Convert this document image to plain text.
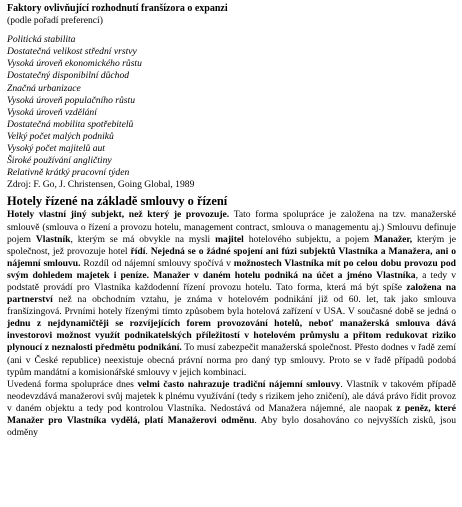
Faktory ovlivňující rozhodnutí franšízora o expanzi
(podle pořadí preferencí)
Politická stabilita
Dostatečná velikost střední vrstvy
Vysoká úroveň ekonomického růstu
Dostatečný disponibilní důchod
Značná urbanizace
Vysoká úroveň populačního růstu
Vysoká úroveň vzdělání
Dostatečná mobilita spotřebitelů
Velký počet malých podniků
Vysoký počet majitelů aut
Široké používání angličtiny
Relativně krátký pracovní týden
Zdroj: F. Go, J. Christensen, Going Global, 1989
Hotely řízené na základě smlouvy o řízení
Hotely vlastní jiný subjekt, než který je provozuje. Tato forma spolupráce je založena na tzv. manažerské smlouvě (smlouva o řízení a provozu hotelu, management contract, smlouva o managementu aj.) Smlouvu definuje pojem Vlastník, kterým se má obvykle na mysli majitel hotelového subjektu, a pojem Manažer, kterým je společnost, jež provozuje hotel řídí. Nejedná se o žádné spojení ani fúzi subjektů Vlastníka a Manažera, ani o nájemní smlouvu. Rozdíl od nájemní smlouvy spočívá v možnostech Vlastníka mít po celou dobu provozu pod svým dohledem majetek i peníze. Manažer v daném hotelu podniká na účet a jméno Vlastníka, a tedy v podstatě provádí pro Vlastníka každodenní řízení provozu hotelu. Tato forma, která má být spíše založena na partnerství než na obchodním vztahu, je známa v hotelovém podnikání již od 60. let, tak jako smlouva franšízingová. Prvními hotely řízenými tímto způsobem byla hotelová zařízení v USA. V současné době se jedná o jednu z nejdynamičtěji se rozvíjejících forem provozování hotelů, neboť manažerská smlouva dává investorovi možnost využít podnikatelských příležitostí v hotelovém průmyslu a přitom redukovat riziko plynoucí z neznalosti předmětu podnikání. To musí zabezpečit manažerská společnost. Přesto dodnes v řadě zemí (ani v České republice) neexistuje obecná právní norma pro daný typ smlouvy. Proto se v řadě případů podobá typům mandátní a komisionářské smlouvy v jejich kombinaci.
Uvedená forma spolupráce dnes velmi často nahrazuje tradiční nájemní smlouvy. Vlastník v takovém případě neodevzdává manažerovi svůj majetek k plnému využívání (tedy s rizikem jeho zničení), ale dává právo řídit provoz v daném objektu a tedy pod kontrolou Vlastníka. Nedostává od Manažera nájemné, ale naopak z peněz, které Manažer pro Vlastníka vydělá, platí Manažerovi odměnu. Aby bylo dosahováno co nejvyšších zisků, jsou odměny
